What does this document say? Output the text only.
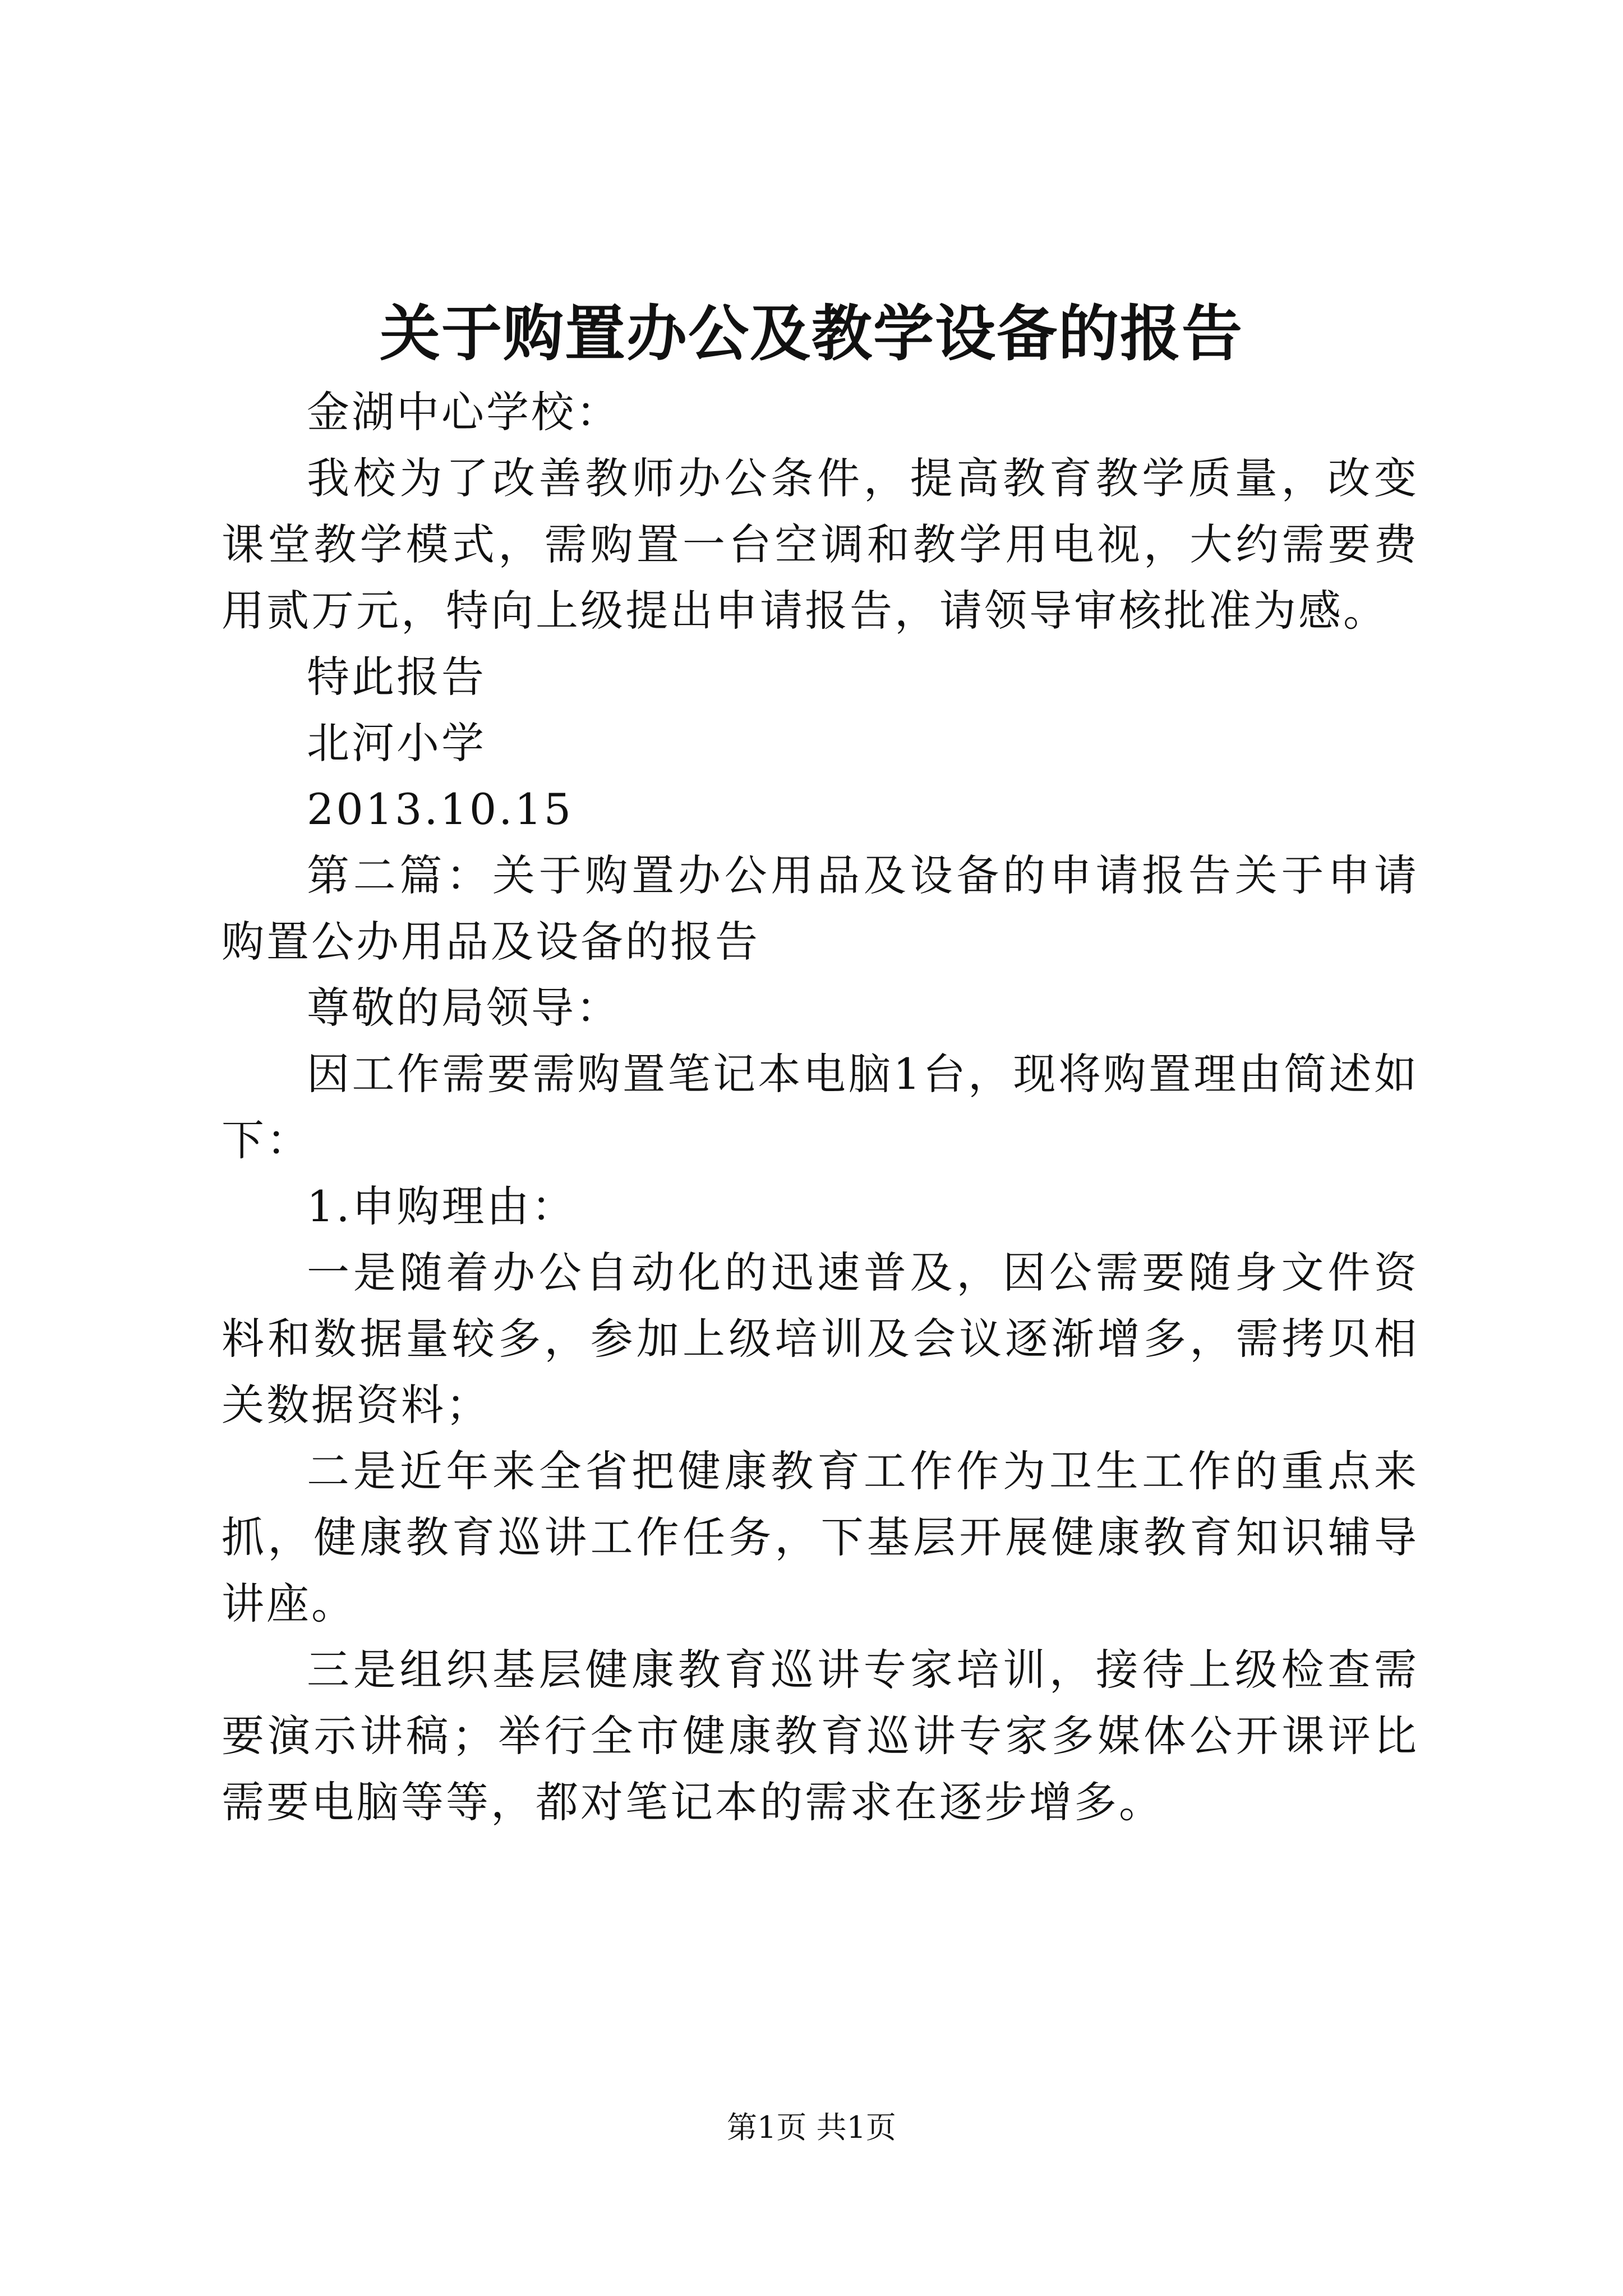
关于购置办公及教学设备的报告

金湖中心学校：

我校为了改善教师办公条件，提高教育教学质量，改变课堂教学模式，需购置一台空调和教学用电视，大约需要费用贰万元，特向上级提出申请报告，请领导审核批准为感。

特此报告

北河小学

2013.10.15

第二篇：关于购置办公用品及设备的申请报告关于申请购置公办用品及设备的报告

尊敬的局领导：

因工作需要需购置笔记本电脑1台，现将购置理由简述如下：

1.申购理由：

一是随着办公自动化的迅速普及，因公需要随身文件资料和数据量较多，参加上级培训及会议逐渐增多，需拷贝相关数据资料；

二是近年来全省把健康教育工作作为卫生工作的重点来抓，健康教育巡讲工作任务，下基层开展健康教育知识辅导讲座。

三是组织基层健康教育巡讲专家培训，接待上级检查需要演示讲稿；举行全市健康教育巡讲专家多媒体公开课评比需要电脑等等，都对笔记本的需求在逐步增多。

第1页 共1页
